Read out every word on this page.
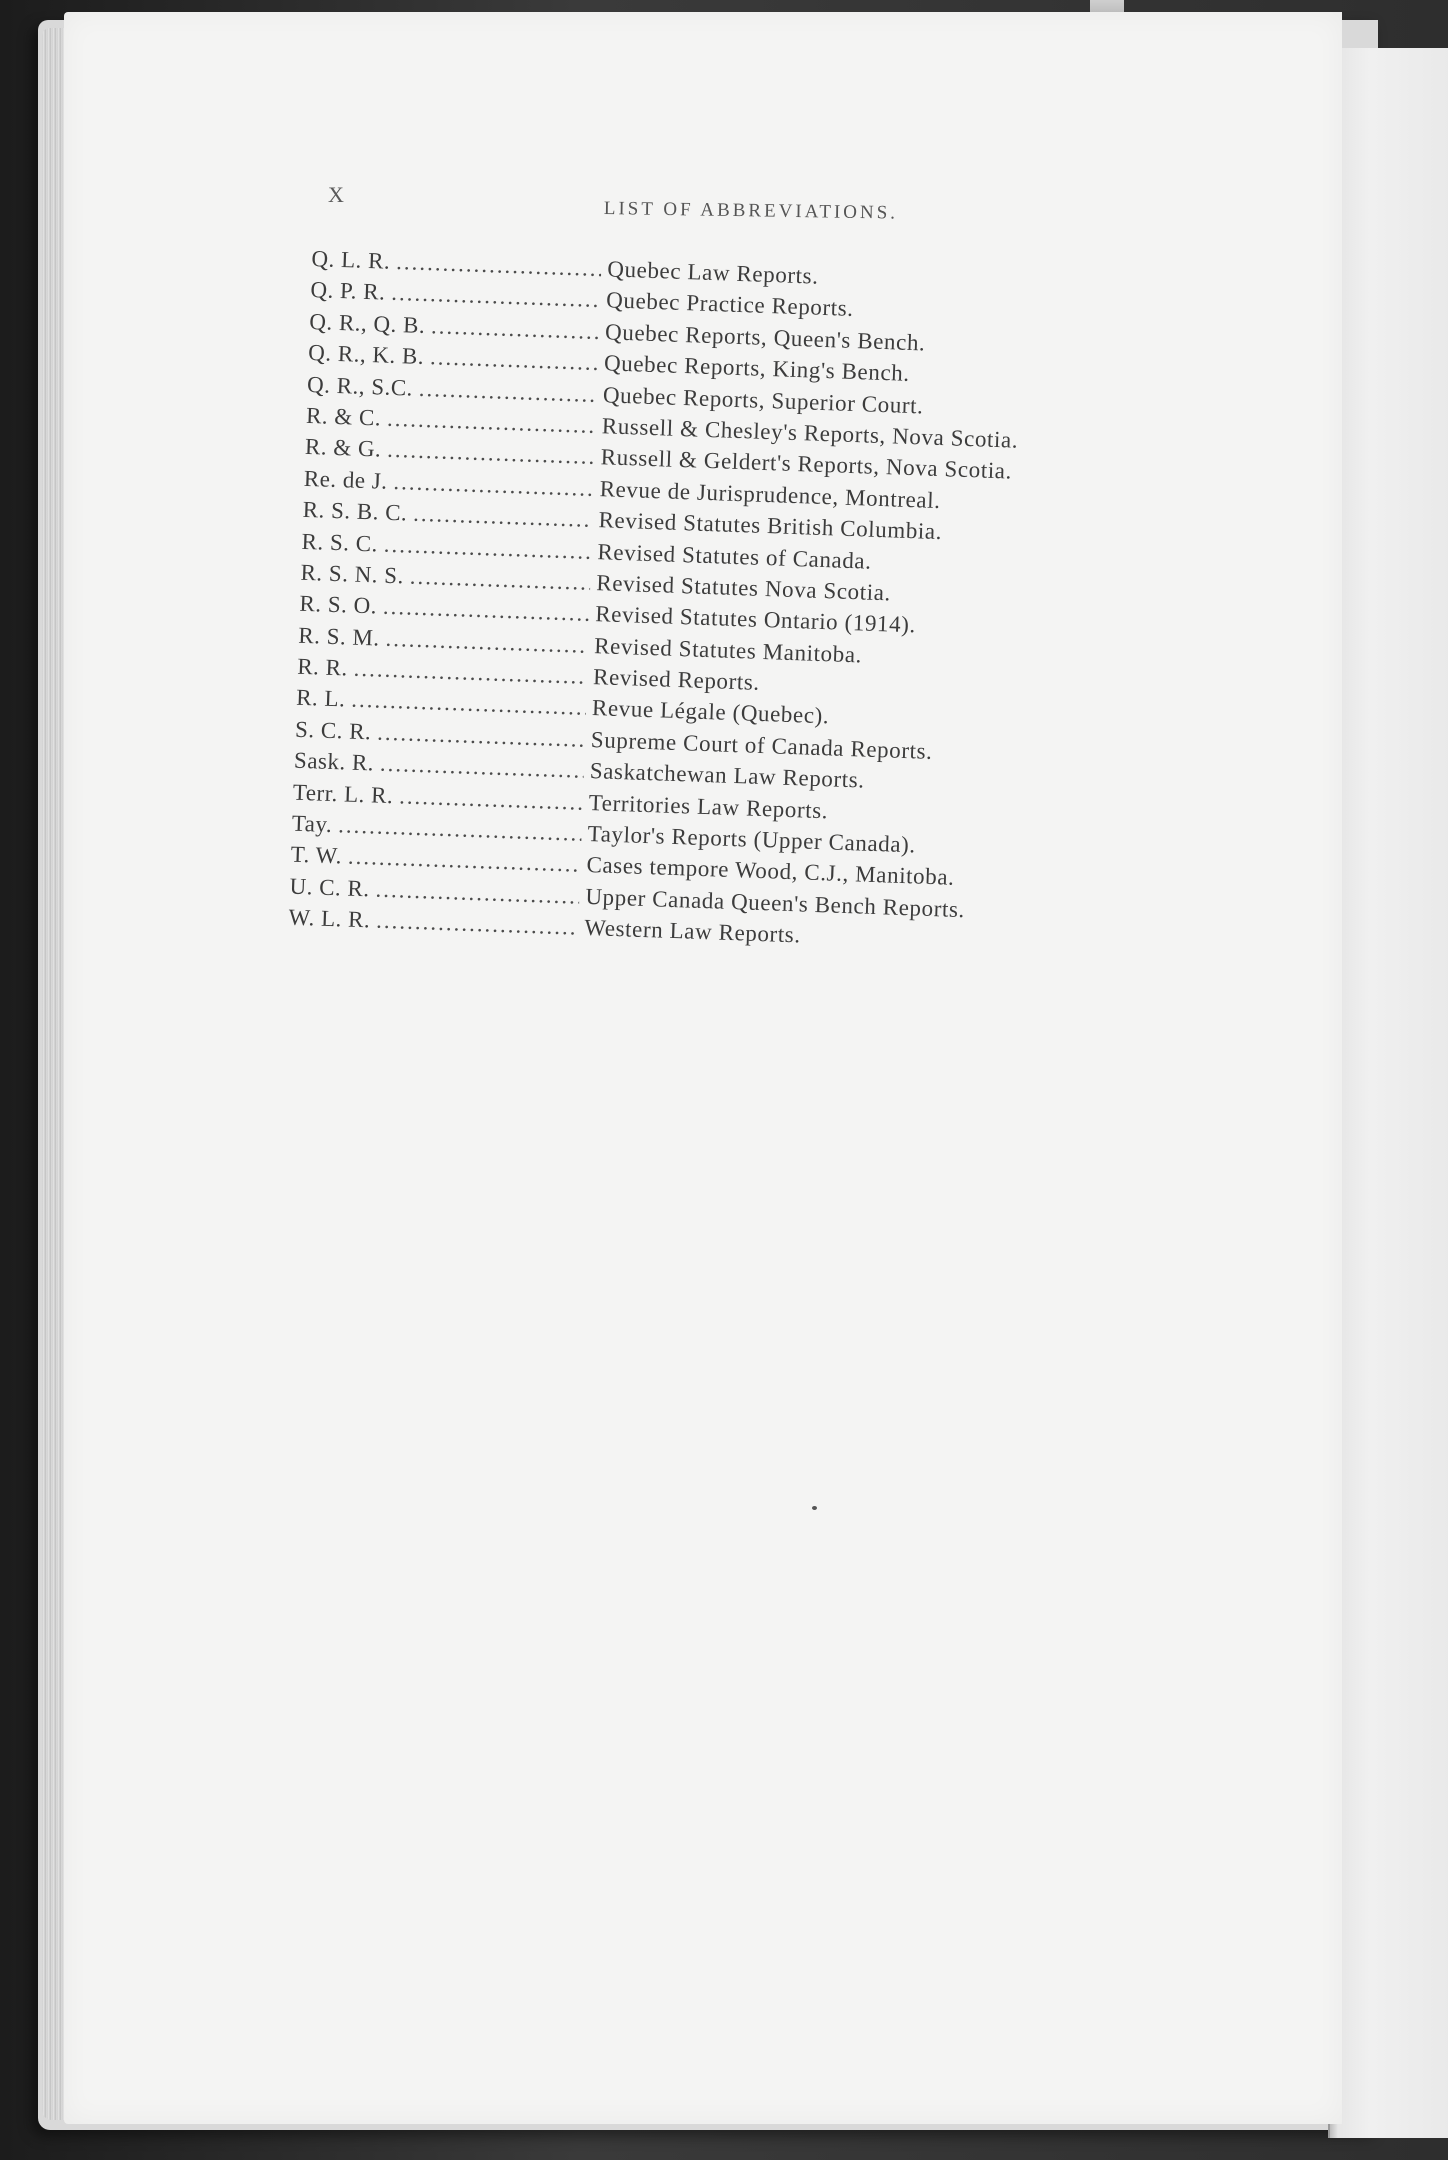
X
LIST OF ABBREVIATIONS.
Q. L. R. .....	Quebec Law Reports.
Q. P. R. .....	Quebec Practice Reports.
Q. R., Q. B. .....	Quebec Reports, Queen's Bench.
Q. R., K. B. .....	Quebec Reports, King's Bench.
Q. R., S.C. .....	Quebec Reports, Superior Court.
R. & C. .....	Russell & Chesley's Reports, Nova Scotia.
R. & G. .....	Russell & Geldert's Reports, Nova Scotia.
Re. de J. .....	Revue de Jurisprudence, Montreal.
R. S. B. C. .....	Revised Statutes British Columbia.
R. S. C. .....	Revised Statutes of Canada.
R. S. N. S. .....	Revised Statutes Nova Scotia.
R. S. O. .....	Revised Statutes Ontario (1914).
R. S. M. .....	Revised Statutes Manitoba.
R. R. .....	Revised Reports.
R. L. .....	Revue Légale (Quebec).
S. C. R. .....	Supreme Court of Canada Reports.
Sask. R. .....	Saskatchewan Law Reports.
Terr. L. R. .....	Territories Law Reports.
Tay. .....	Taylor's Reports (Upper Canada).
T. W. .....	Cases tempore Wood, C.J., Manitoba.
U. C. R. .....	Upper Canada Queen's Bench Reports.
W. L. R. .....	Western Law Reports.
